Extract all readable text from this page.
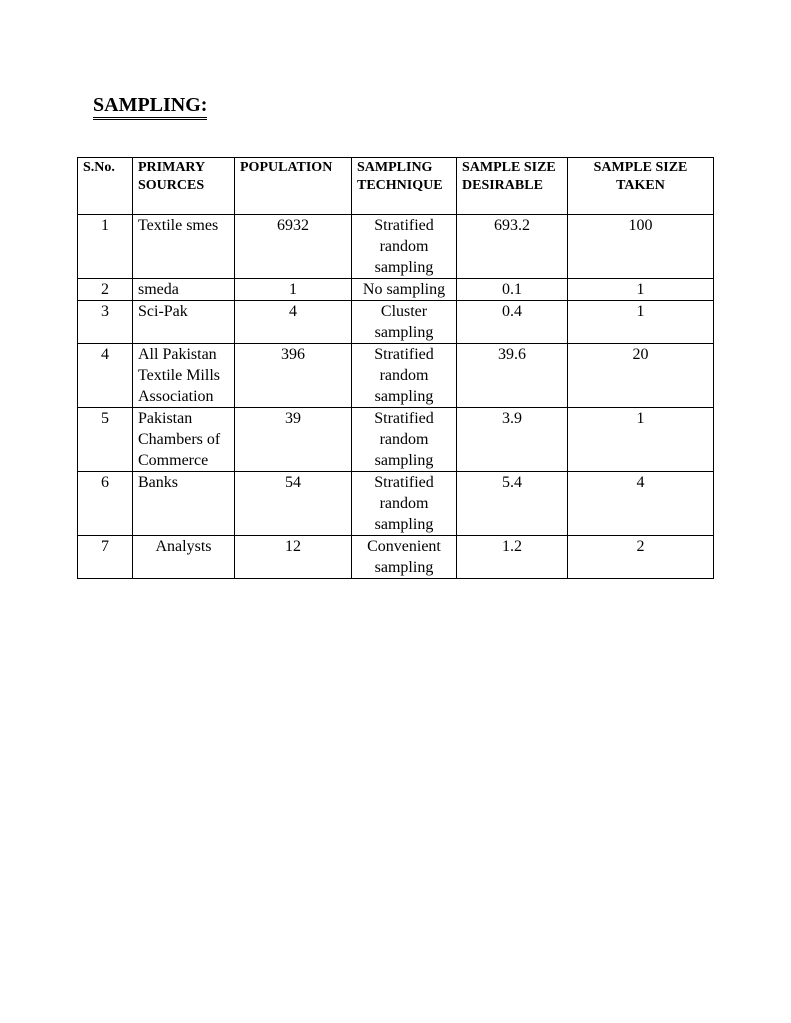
SAMPLING:
S.No.	PRIMARY SOURCES	POPULATION	SAMPLING TECHNIQUE	SAMPLE SIZE DESIRABLE	SAMPLE SIZE TAKEN
1	Textile smes	6932	Stratified random sampling	693.2	100
2	smeda	1	No sampling	0.1	1
3	Sci-Pak	4	Cluster sampling	0.4	1
4	All Pakistan Textile Mills Association	396	Stratified random sampling	39.6	20
5	Pakistan Chambers of Commerce	39	Stratified random sampling	3.9	1
6	Banks	54	Stratified random sampling	5.4	4
7	Analysts	12	Convenient sampling	1.2	2
